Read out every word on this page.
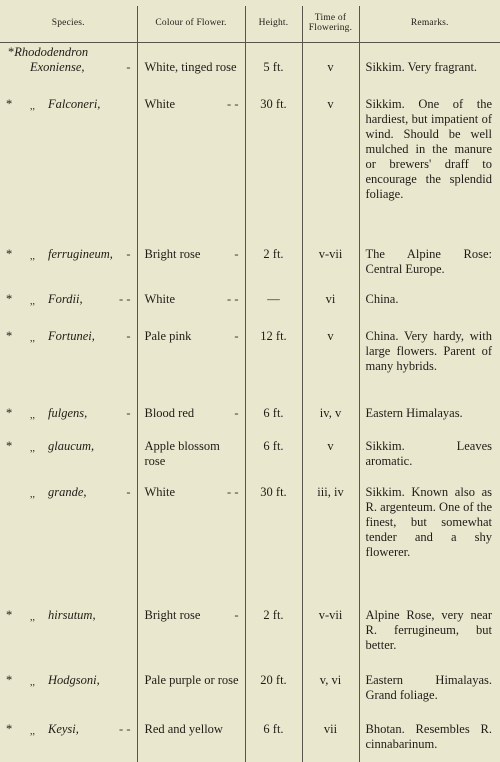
Species.	Colour of Flower.	Height.	Time of
Flowering.	Remarks.

*Rhododendron
Exoniense, -	White, tinged rose	5 ft.	v	Sikkim. Very fragrant.

* ,, Falconeri,	White - -	30 ft.	v	Sikkim. One of the hardiest, but impatient of wind. Should be well mulched in the manure or brewers' draff to encourage the splendid foliage.

* ,, ferrugineum, -	Bright rose -	2 ft.	v-vii	The Alpine Rose: Central Europe.

* ,, Fordii, - -	White - -	—	vi	China.

* ,, Fortunei, -	Pale pink -	12 ft.	v	China. Very hardy, with large flowers. Parent of many hybrids.

* ,, fulgens, -	Blood red -	6 ft.	iv, v	Eastern Himalayas.

* ,, glaucum,	Apple blossom rose	6 ft.	v	Sikkim. Leaves aromatic.

,, grande, -	White - -	30 ft.	iii, iv	Sikkim. Known also as R. argenteum. One of the finest, but somewhat tender and a shy flowerer.

* ,, hirsutum,	Bright rose -	2 ft.	v-vii	Alpine Rose, very near R. ferrugineum, but better.

* ,, Hodgsoni,	Pale purple or rose	20 ft.	v, vi	Eastern Himalayas. Grand foliage.

* ,, Keysi, - -	Red and yellow	6 ft.	vii	Bhotan. Resembles R. cinnabarinum.
